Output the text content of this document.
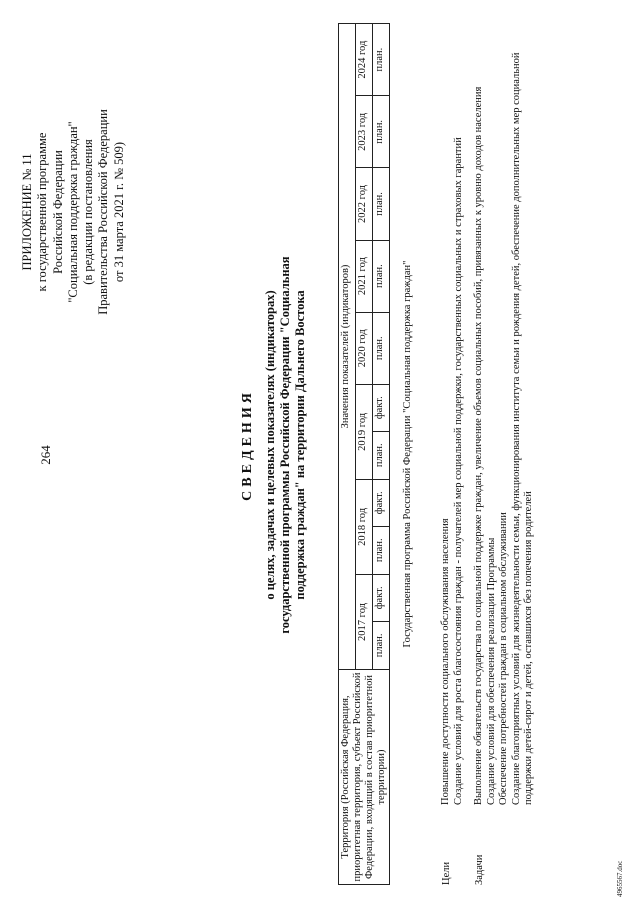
264
ПРИЛОЖЕНИЕ № 11 к государственной программе Российской Федерации "Социальная поддержка граждан" (в редакции постановления Правительства Российской Федерации от 31 марта 2021 г. № 509)
СВЕДЕНИЯ о целях, задачах и целевых показателях (индикаторах) государственной программы Российской Федерации "Социальная поддержка граждан" на территории Дальнего Востока
Территория (Российская Федерация, приоритетная территория, субъект Российской Федерации, входящий в состав приоритетной территории)	Значения показателей (индикаторов)										
	2017 год		2018 год		2019 год		2020 год	2021 год	2022 год	2023 год	2024 год
	план.	факт.	план.	факт.	план.	факт.	план.	план.	план.	план.	план.
Государственная программа Российской Федерации "Социальная поддержка граждан"											
Цели
Повышение доступности социального обслуживания населения Создание условий для роста благосостояния граждан - получателей мер социальной поддержки, государственных социальных и страховых гарантий
Задачи
Выполнение обязательств государства по социальной поддержке граждан, увеличение объемов социальных пособий, привязанных к уровню доходов населения Создание условий для обеспечения реализации Программы Обеспечение потребностей граждан в социальном обслуживании Создание благоприятных условий для жизнедеятельности семьи, функционирования института семьи и рождения детей, обеспечение дополнительных мер социальной поддержки детей-сирот и детей, оставшихся без попечения родителей
4965567.doc
